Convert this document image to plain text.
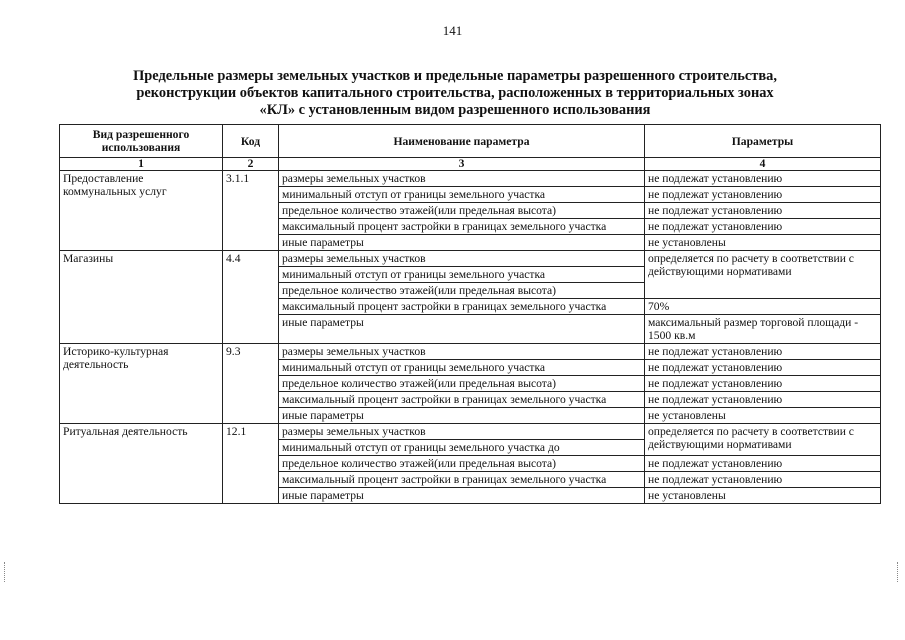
141
Предельные размеры земельных участков и предельные параметры разрешенного строительства,
реконструкции объектов капитального строительства, расположенных в территориальных зонах
«КЛ» с установленным видом разрешенного использования
Вид разрешенного использования	Код	Наименование параметра	Параметры
1	2	3	4
Предоставление коммунальных услуг	3.1.1	размеры земельных участков	не подлежат установлению
		минимальный отступ от границы земельного участка	не подлежат установлению
		предельное количество этажей(или предельная высота)	не подлежат установлению
		максимальный процент застройки в границах земельного участка	не подлежат установлению
		иные параметры	не установлены
Магазины	4.4	размеры земельных участков	определяется по расчету в соответствии с действующими нормативами
		минимальный отступ от границы земельного участка	
		предельное количество этажей(или предельная высота)	
		максимальный процент застройки в границах земельного участка	70%
		иные параметры	максимальный размер торговой площади - 1500 кв.м
Историко-культурная деятельность	9.3	размеры земельных участков	не подлежат установлению
		минимальный отступ от границы земельного участка	не подлежат установлению
		предельное количество этажей(или предельная высота)	не подлежат установлению
		максимальный процент застройки в границах земельного участка	не подлежат установлению
		иные параметры	не установлены
Ритуальная деятельность	12.1	размеры земельных участков	определяется по расчету в соответствии с действующими нормативами
		минимальный отступ от границы земельного участка до	
		предельное количество этажей(или предельная высота)	не подлежат установлению
		максимальный процент застройки в границах земельного участка	не подлежат установлению
		иные параметры	не установлены
